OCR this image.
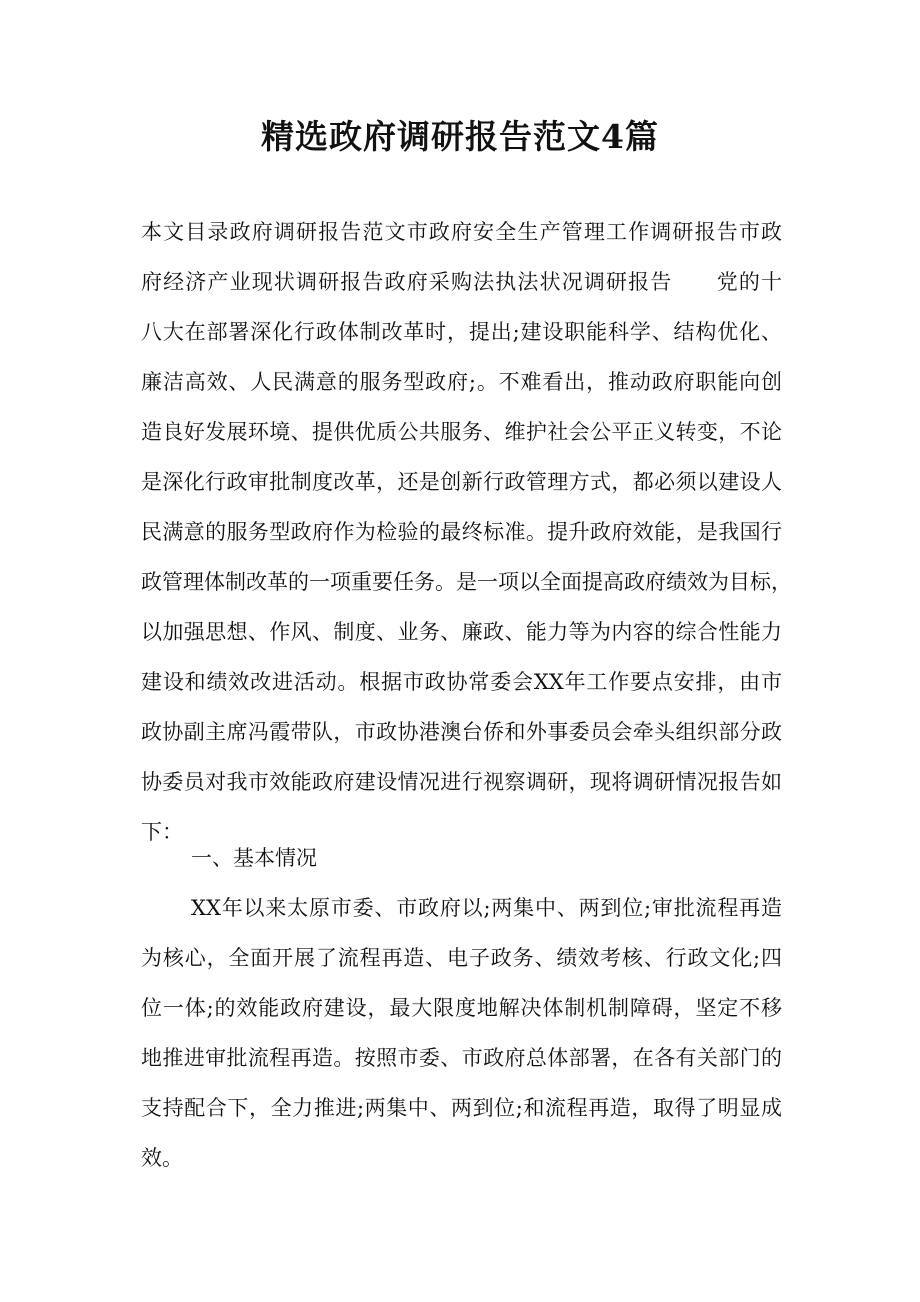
精选政府调研报告范文4篇
本文目录政府调研报告范文市政府安全生产管理工作调研报告市政
府经济产业现状调研报告政府采购法执法状况调研报告　　党的十
八大在部署深化行政体制改革时，提出;建设职能科学、结构优化、
廉洁高效、人民满意的服务型政府;。不难看出，推动政府职能向创
造良好发展环境、提供优质公共服务、维护社会公平正义转变，不论
是深化行政审批制度改革，还是创新行政管理方式，都必须以建设人
民满意的服务型政府作为检验的最终标准。提升政府效能，是我国行
政管理体制改革的一项重要任务。是一项以全面提高政府绩效为目标，
以加强思想、作风、制度、业务、廉政、能力等为内容的综合性能力
建设和绩效改进活动。根据市政协常委会XX年工作要点安排，由市
政协副主席冯霞带队，市政协港澳台侨和外事委员会牵头组织部分政
协委员对我市效能政府建设情况进行视察调研，现将调研情况报告如
下：
一、基本情况
XX年以来太原市委、市政府以;两集中、两到位;审批流程再造
为核心，全面开展了流程再造、电子政务、绩效考核、行政文化;四
位一体;的效能政府建设，最大限度地解决体制机制障碍，坚定不移
地推进审批流程再造。按照市委、市政府总体部署，在各有关部门的
支持配合下，全力推进;两集中、两到位;和流程再造，取得了明显成
效。
